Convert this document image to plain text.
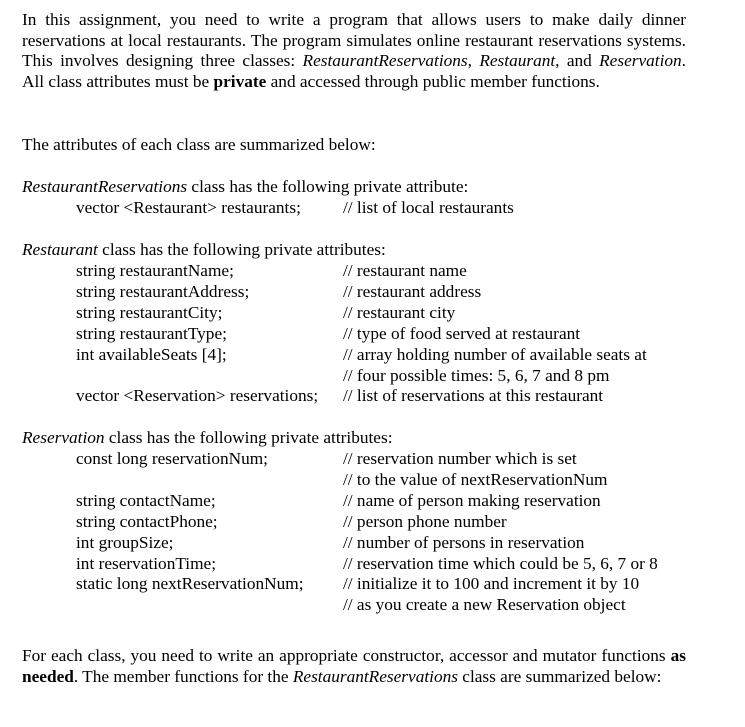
In this assignment, you need to write a program that allows users to make daily dinner reservations at local restaurants. The program simulates online restaurant reservations systems. This involves designing three classes: RestaurantReservations, Restaurant, and Reservation. All class attributes must be private and accessed through public member functions.

The attributes of each class are summarized below:
RestaurantReservations class has the following private attribute:
vector <Restaurant> restaurants; // list of local restaurants
Restaurant class has the following private attributes:
string restaurantName;	// restaurant name
string restaurantAddress;	// restaurant address
string restaurantCity;	// restaurant city
string restaurantType;	// type of food served at restaurant
int availableSeats [4];	// array holding number of available seats at
// four possible times: 5, 6, 7 and 8 pm
vector <Reservation> reservations; // list of reservations at this restaurant
Reservation class has the following private attributes:
const long reservationNum;	// reservation number which is set
// to the value of nextReservationNum
string contactName;	// name of person making reservation
string contactPhone;	// person phone number
int groupSize;	// number of persons in reservation
int reservationTime;	// reservation time which could be 5, 6, 7 or 8
static long nextReservationNum; // initialize it to 100 and increment it by 10
// as you create a new Reservation object

For each class, you need to write an appropriate constructor, accessor and mutator functions as needed. The member functions for the RestaurantReservations class are summarized below:
